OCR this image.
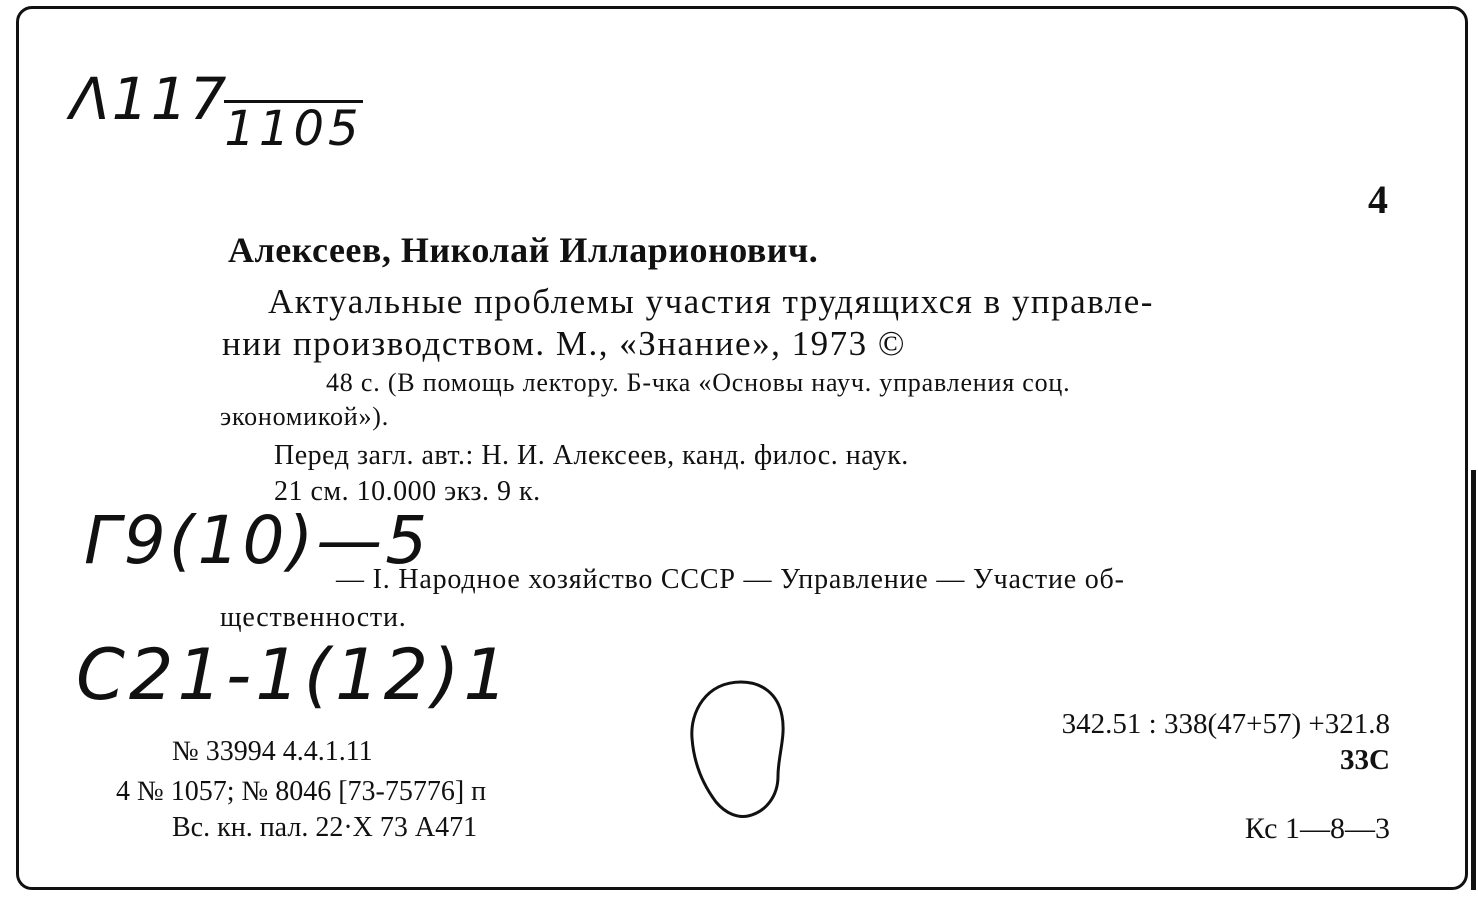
Λ1171105
4
Алексеев, Николай Илларионович.
Актуальные проблемы участия трудящихся в управле-
нии производством. М., «Знание», 1973 ©
48 с. (В помощь лектору. Б-чка «Основы науч. управления соц.
экономикой»).
Перед загл. авт.: Н. И. Алексеев, канд. филос. наук.
21 см. 10.000 экз. 9 к.
Г9(10)—5
— I. Народное хозяйство СССР — Управление — Участие об-
щественности.
С21-1(12)1
№ 33994 4.4.1.11
4 № 1057; № 8046 [73-75776] п
Вс. кн. пал. 22·X 73 А471
342.51 : 338(47+57) +321.8
33С
Кс 1—8—3
